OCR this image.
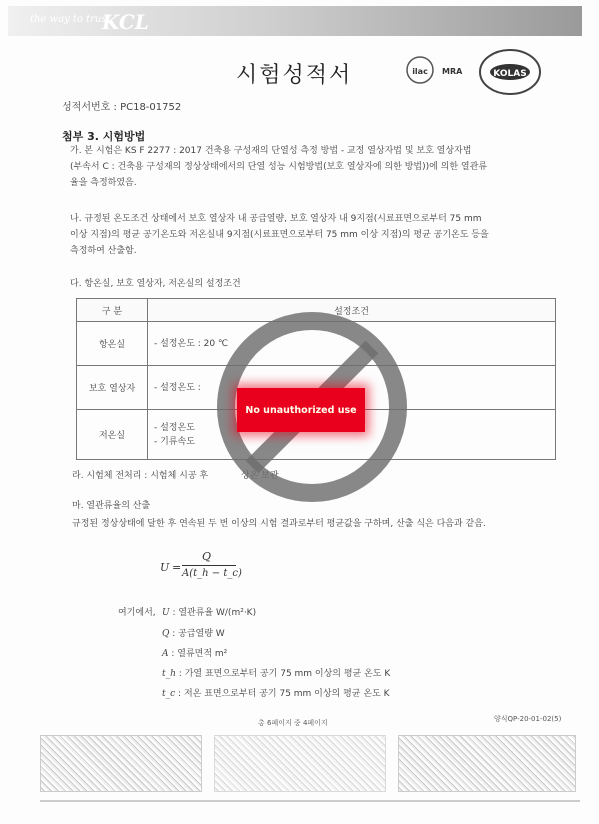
the way to trust
KCL
ilac MRA	KOLAS
시험성적서
성적서번호 : PC18-01752
첨부 3. 시험방법
가. 본 시험은 KS F 2277 : 2017 건축용 구성재의 단열성 측정 방법 - 교정 열상자법 및 보호 열상자법
(부속서 C : 건축용 구성재의 정상상태에서의 단열 성능 시험방법(보호 열상자에 의한 방법))에 의한 열관류
율을 측정하였음.
나. 규정된 온도조건 상태에서 보호 열상자 내 공급열량, 보호 열상자 내 9지점(시료표면으로부터 75 mm
이상 지점)의 평균 공기온도와 저온실내 9지점(시료표면으로부터 75 mm 이상 지점)의 평균 공기온도 등을
측정하여 산출함.
다. 항온실, 보호 열상자, 저온실의 설정조건
구 분	설정조건
항온실	- 설정온도 : 20 ℃

보호 열상자	- 설정온도 :

저온실	- 설정온도
- 기류속도
라. 시험체 전처리 : 시험체 시공 후	상온 보관
마. 열관류율의 산출
규정된 정상상태에 달한 후 연속된 두 번 이상의 시험 결과로부터 평균값을 구하며, 산출 식은 다음과 같음.
U =
Q
A(t_h − t_c)
여기에서, U : 열관류율 W/(m²·K)
Q : 공급열량 W
A : 열류면적 m²
t_h : 가열 표면으로부터 공기 75 mm 이상의 평균 온도 K
t_c : 저온 표면으로부터 공기 75 mm 이상의 평균 온도 K
총 6페이지 중 4페이지	양식QP-20-01-02(5)
No unauthorized use
